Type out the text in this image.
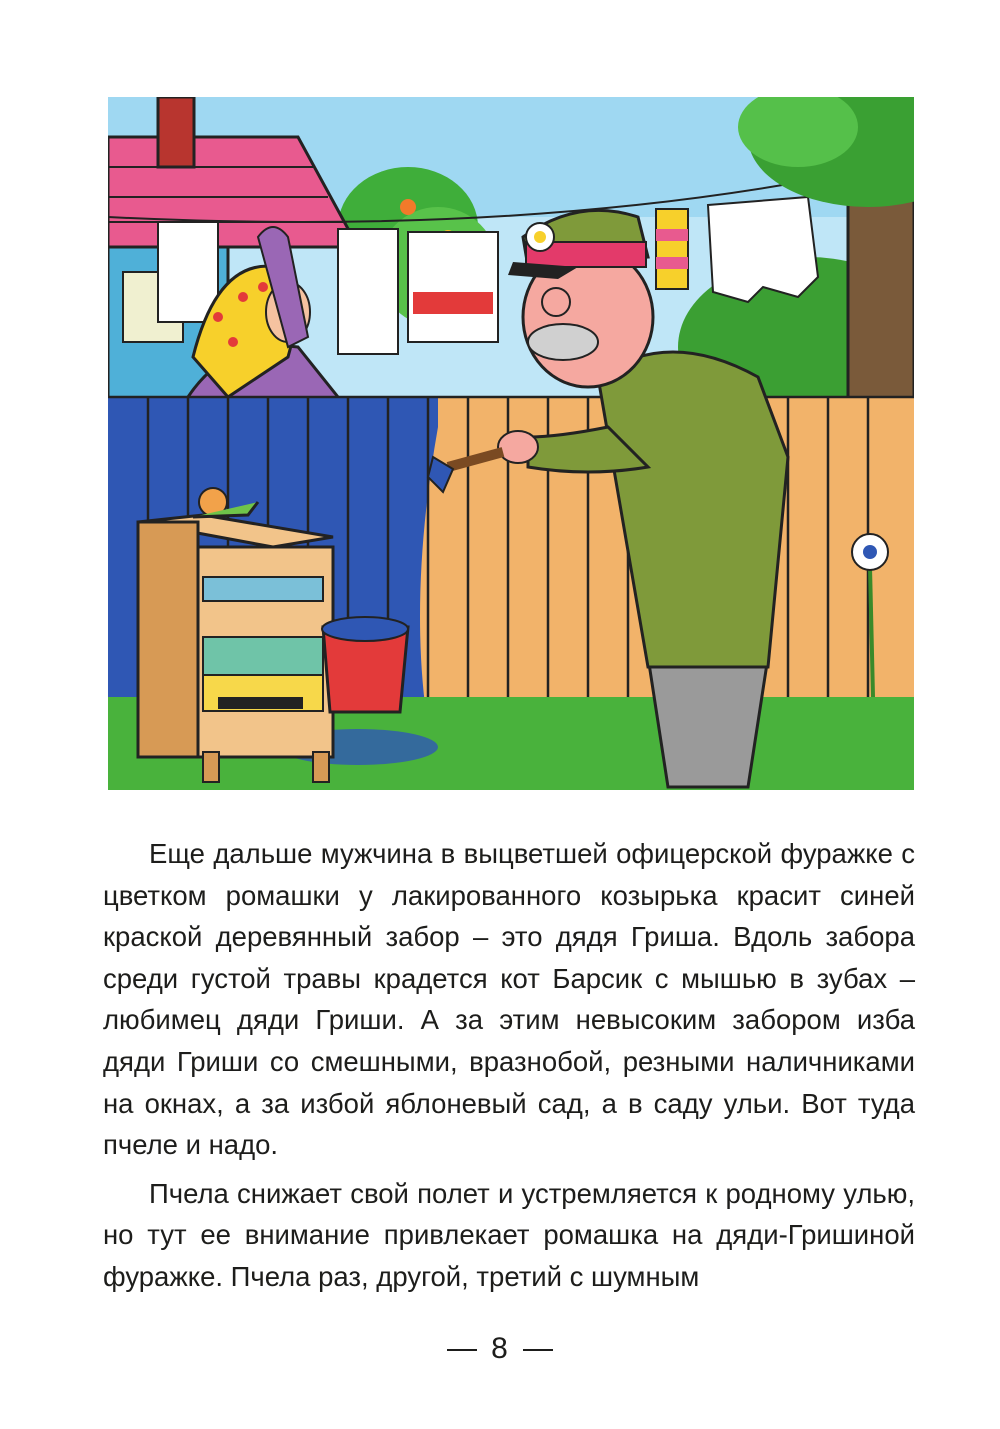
Еще дальше мужчина в выцветшей офицерской фуражке с цветком ромашки у лакированного козырька красит синей краской деревянный забор – это дядя Гриша. Вдоль забора среди густой травы крадется кот Барсик с мышью в зубах – любимец дяди Гриши. А за этим невысоким забором изба дяди Гриши со смешными, вразнобой, резными наличниками на окнах, а за избой яблоневый сад, а в саду ульи. Вот туда пчеле и надо.

Пчела снижает свой полет и устремляется к родному улью, но тут ее внимание привлекает ромашка на дяди-Гришиной фуражке. Пчела раз, другой, третий с шумным

8
